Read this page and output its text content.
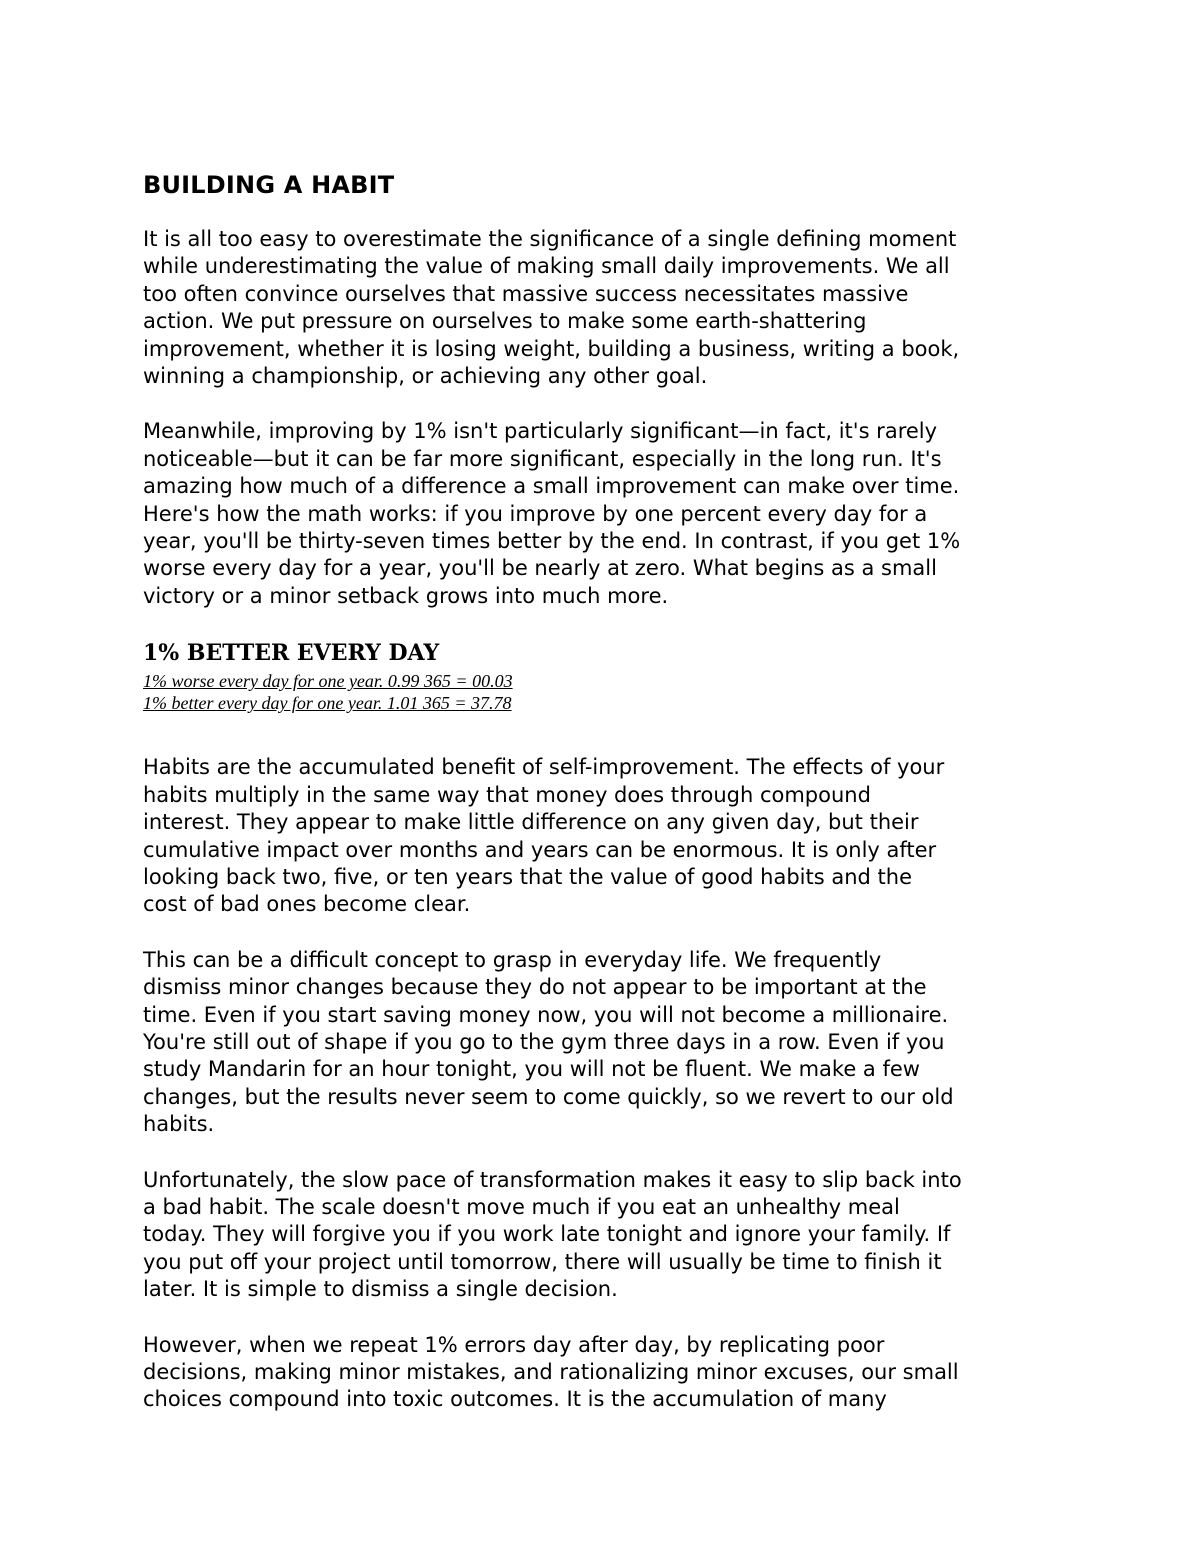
BUILDING A HABIT

It is all too easy to overestimate the significance of a single defining moment
while underestimating the value of making small daily improvements. We all
too often convince ourselves that massive success necessitates massive
action. We put pressure on ourselves to make some earth-shattering
improvement, whether it is losing weight, building a business, writing a book,
winning a championship, or achieving any other goal.

Meanwhile, improving by 1% isn't particularly significant—in fact, it's rarely
noticeable—but it can be far more significant, especially in the long run. It's
amazing how much of a difference a small improvement can make over time.
Here's how the math works: if you improve by one percent every day for a
year, you'll be thirty-seven times better by the end. In contrast, if you get 1%
worse every day for a year, you'll be nearly at zero. What begins as a small
victory or a minor setback grows into much more.

1% BETTER EVERY DAY

1% worse every day for one year. 0.99 365 = 00.03

1% better every day for one year. 1.01 365 = 37.78

Habits are the accumulated benefit of self-improvement. The effects of your
habits multiply in the same way that money does through compound
interest. They appear to make little difference on any given day, but their
cumulative impact over months and years can be enormous. It is only after
looking back two, five, or ten years that the value of good habits and the
cost of bad ones become clear.

This can be a difficult concept to grasp in everyday life. We frequently
dismiss minor changes because they do not appear to be important at the
time. Even if you start saving money now, you will not become a millionaire.
You're still out of shape if you go to the gym three days in a row. Even if you
study Mandarin for an hour tonight, you will not be fluent. We make a few
changes, but the results never seem to come quickly, so we revert to our old
habits.

Unfortunately, the slow pace of transformation makes it easy to slip back into
a bad habit. The scale doesn't move much if you eat an unhealthy meal
today. They will forgive you if you work late tonight and ignore your family. If
you put off your project until tomorrow, there will usually be time to finish it
later. It is simple to dismiss a single decision.

However, when we repeat 1% errors day after day, by replicating poor
decisions, making minor mistakes, and rationalizing minor excuses, our small
choices compound into toxic outcomes. It is the accumulation of many
